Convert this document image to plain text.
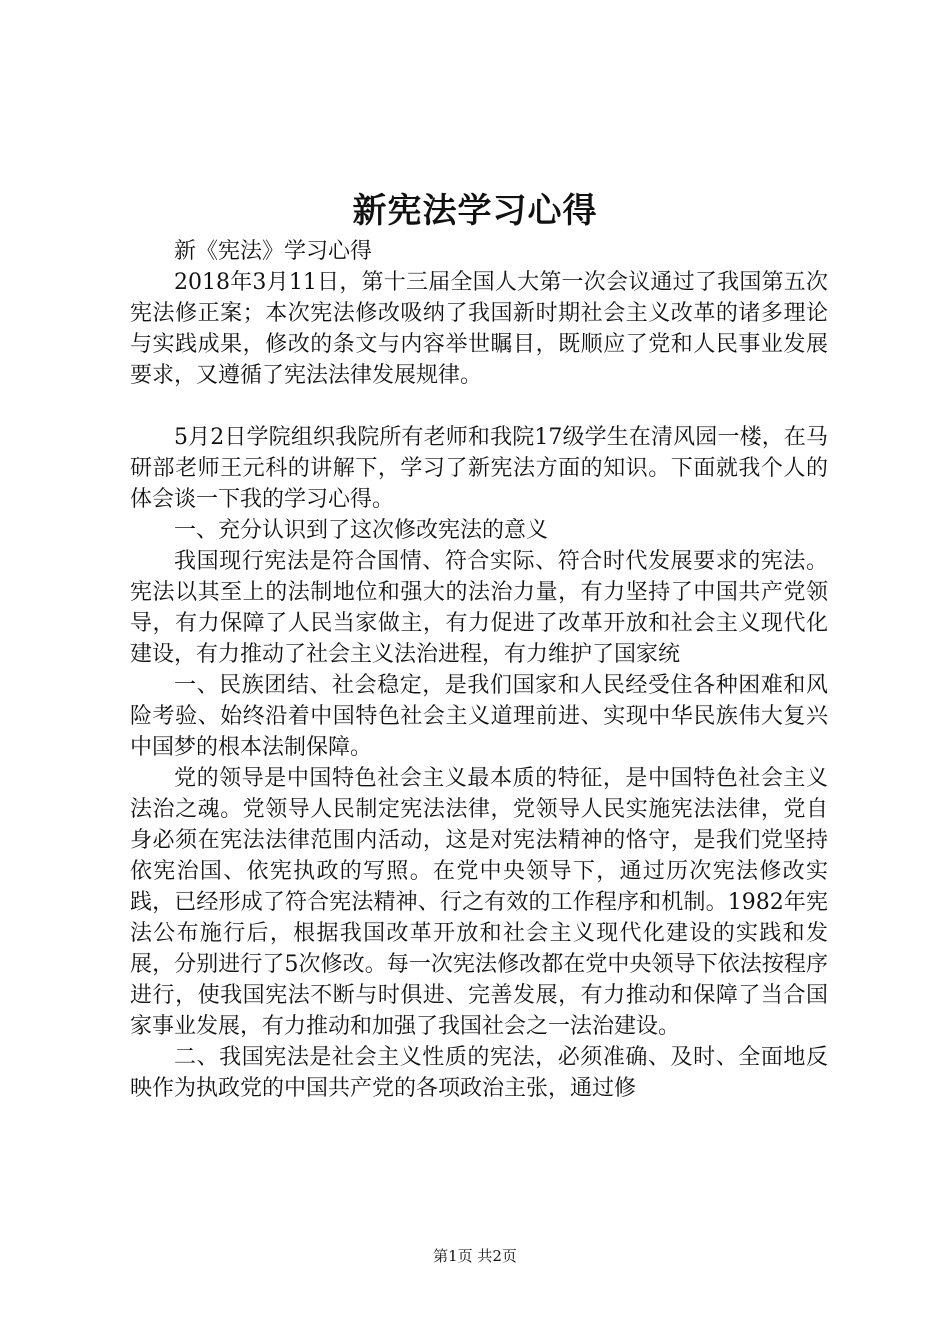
新宪法学习心得

新《宪法》学习心得

2018年3月11日，第十三届全国人大第一次会议通过了我国第五次宪法修正案；本次宪法修改吸纳了我国新时期社会主义改革的诸多理论与实践成果，修改的条文与内容举世瞩目，既顺应了党和人民事业发展要求，又遵循了宪法法律发展规律。

5月2日学院组织我院所有老师和我院17级学生在清风园一楼，在马研部老师王元科的讲解下，学习了新宪法方面的知识。下面就我个人的体会谈一下我的学习心得。

一、充分认识到了这次修改宪法的意义

我国现行宪法是符合国情、符合实际、符合时代发展要求的宪法。宪法以其至上的法制地位和强大的法治力量，有力坚持了中国共产党领导，有力保障了人民当家做主，有力促进了改革开放和社会主义现代化建设，有力推动了社会主义法治进程，有力维护了国家统

一、民族团结、社会稳定，是我们国家和人民经受住各种困难和风险考验、始终沿着中国特色社会主义道理前进、实现中华民族伟大复兴中国梦的根本法制保障。

党的领导是中国特色社会主义最本质的特征，是中国特色社会主义法治之魂。党领导人民制定宪法法律，党领导人民实施宪法法律，党自身必须在宪法法律范围内活动，这是对宪法精神的恪守，是我们党坚持依宪治国、依宪执政的写照。在党中央领导下，通过历次宪法修改实践，已经形成了符合宪法精神、行之有效的工作程序和机制。1982年宪法公布施行后，根据我国改革开放和社会主义现代化建设的实践和发展，分别进行了5次修改。每一次宪法修改都在党中央领导下依法按程序进行，使我国宪法不断与时俱进、完善发展，有力推动和保障了当合国家事业发展，有力推动和加强了我国社会之一法治建设。

二、我国宪法是社会主义性质的宪法，必须准确、及时、全面地反映作为执政党的中国共产党的各项政治主张，通过修

第1页 共2页
